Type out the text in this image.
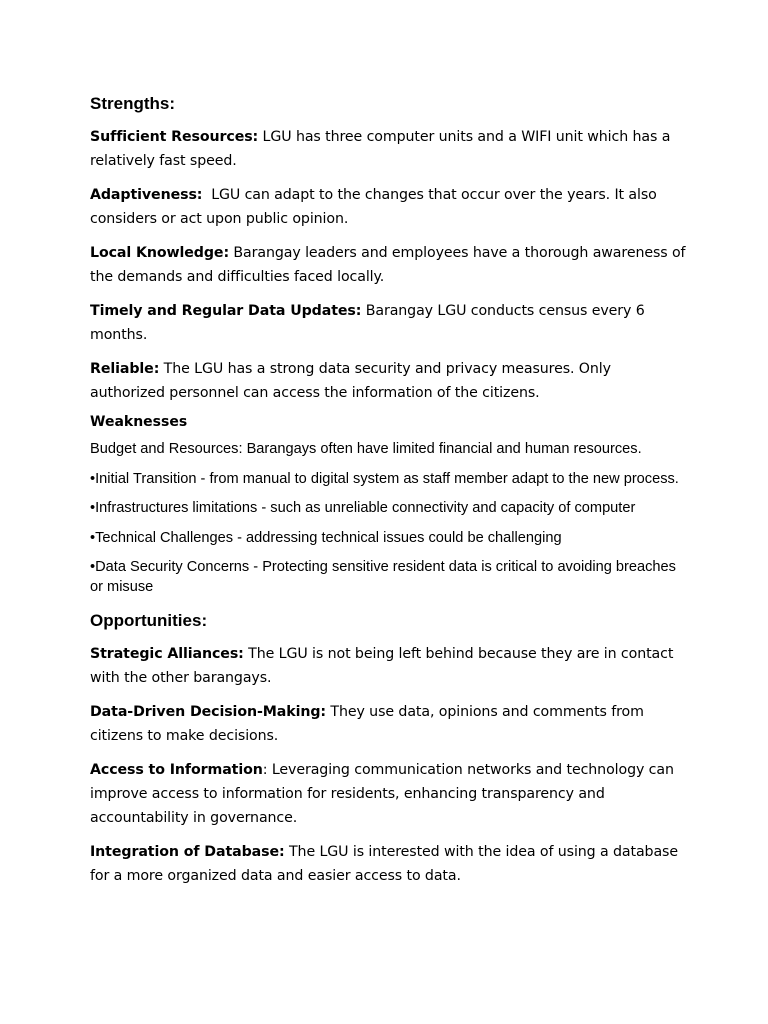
Strengths:

Sufficient Resources: LGU has three computer units and a WIFI unit which has a relatively fast speed.

Adaptiveness:  LGU can adapt to the changes that occur over the years. It also considers or act upon public opinion.

Local Knowledge: Barangay leaders and employees have a thorough awareness of the demands and difficulties faced locally.

Timely and Regular Data Updates: Barangay LGU conducts census every 6 months.

Reliable: The LGU has a strong data security and privacy measures. Only authorized personnel can access the information of the citizens.

Weaknesses

Budget and Resources: Barangays often have limited financial and human resources.

•Initial Transition - from manual to digital system as staff member adapt to the new process.

•Infrastructures limitations - such as unreliable connectivity and capacity of computer

•Technical Challenges - addressing technical issues could be challenging

•Data Security Concerns - Protecting sensitive resident data is critical to avoiding breaches or misuse

Opportunities:

Strategic Alliances: The LGU is not being left behind because they are in contact with the other barangays.

Data-Driven Decision-Making: They use data, opinions and comments from citizens to make decisions.

Access to Information: Leveraging communication networks and technology can improve access to information for residents, enhancing transparency and accountability in governance.

Integration of Database: The LGU is interested with the idea of using a database for a more organized data and easier access to data.
